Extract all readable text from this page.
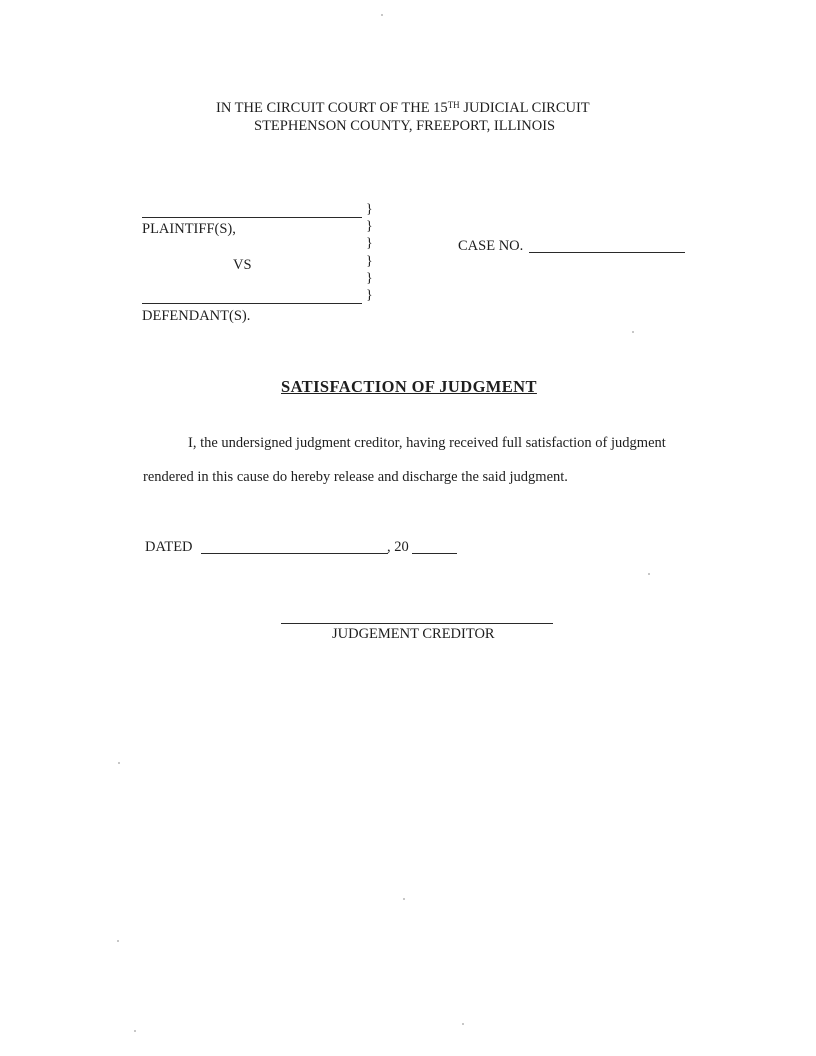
IN THE CIRCUIT COURT OF THE 15TH JUDICIAL CIRCUIT
STEPHENSON COUNTY, FREEPORT, ILLINOIS
PLAINTIFF(S),
VS
DEFENDANT(S).
}
}
}
}
}
}
CASE NO.
SATISFACTION OF JUDGMENT
I, the undersigned judgment creditor, having received full satisfaction of judgment
rendered in this cause do hereby release and discharge the said judgment.
DATED	, 20
JUDGEMENT CREDITOR
